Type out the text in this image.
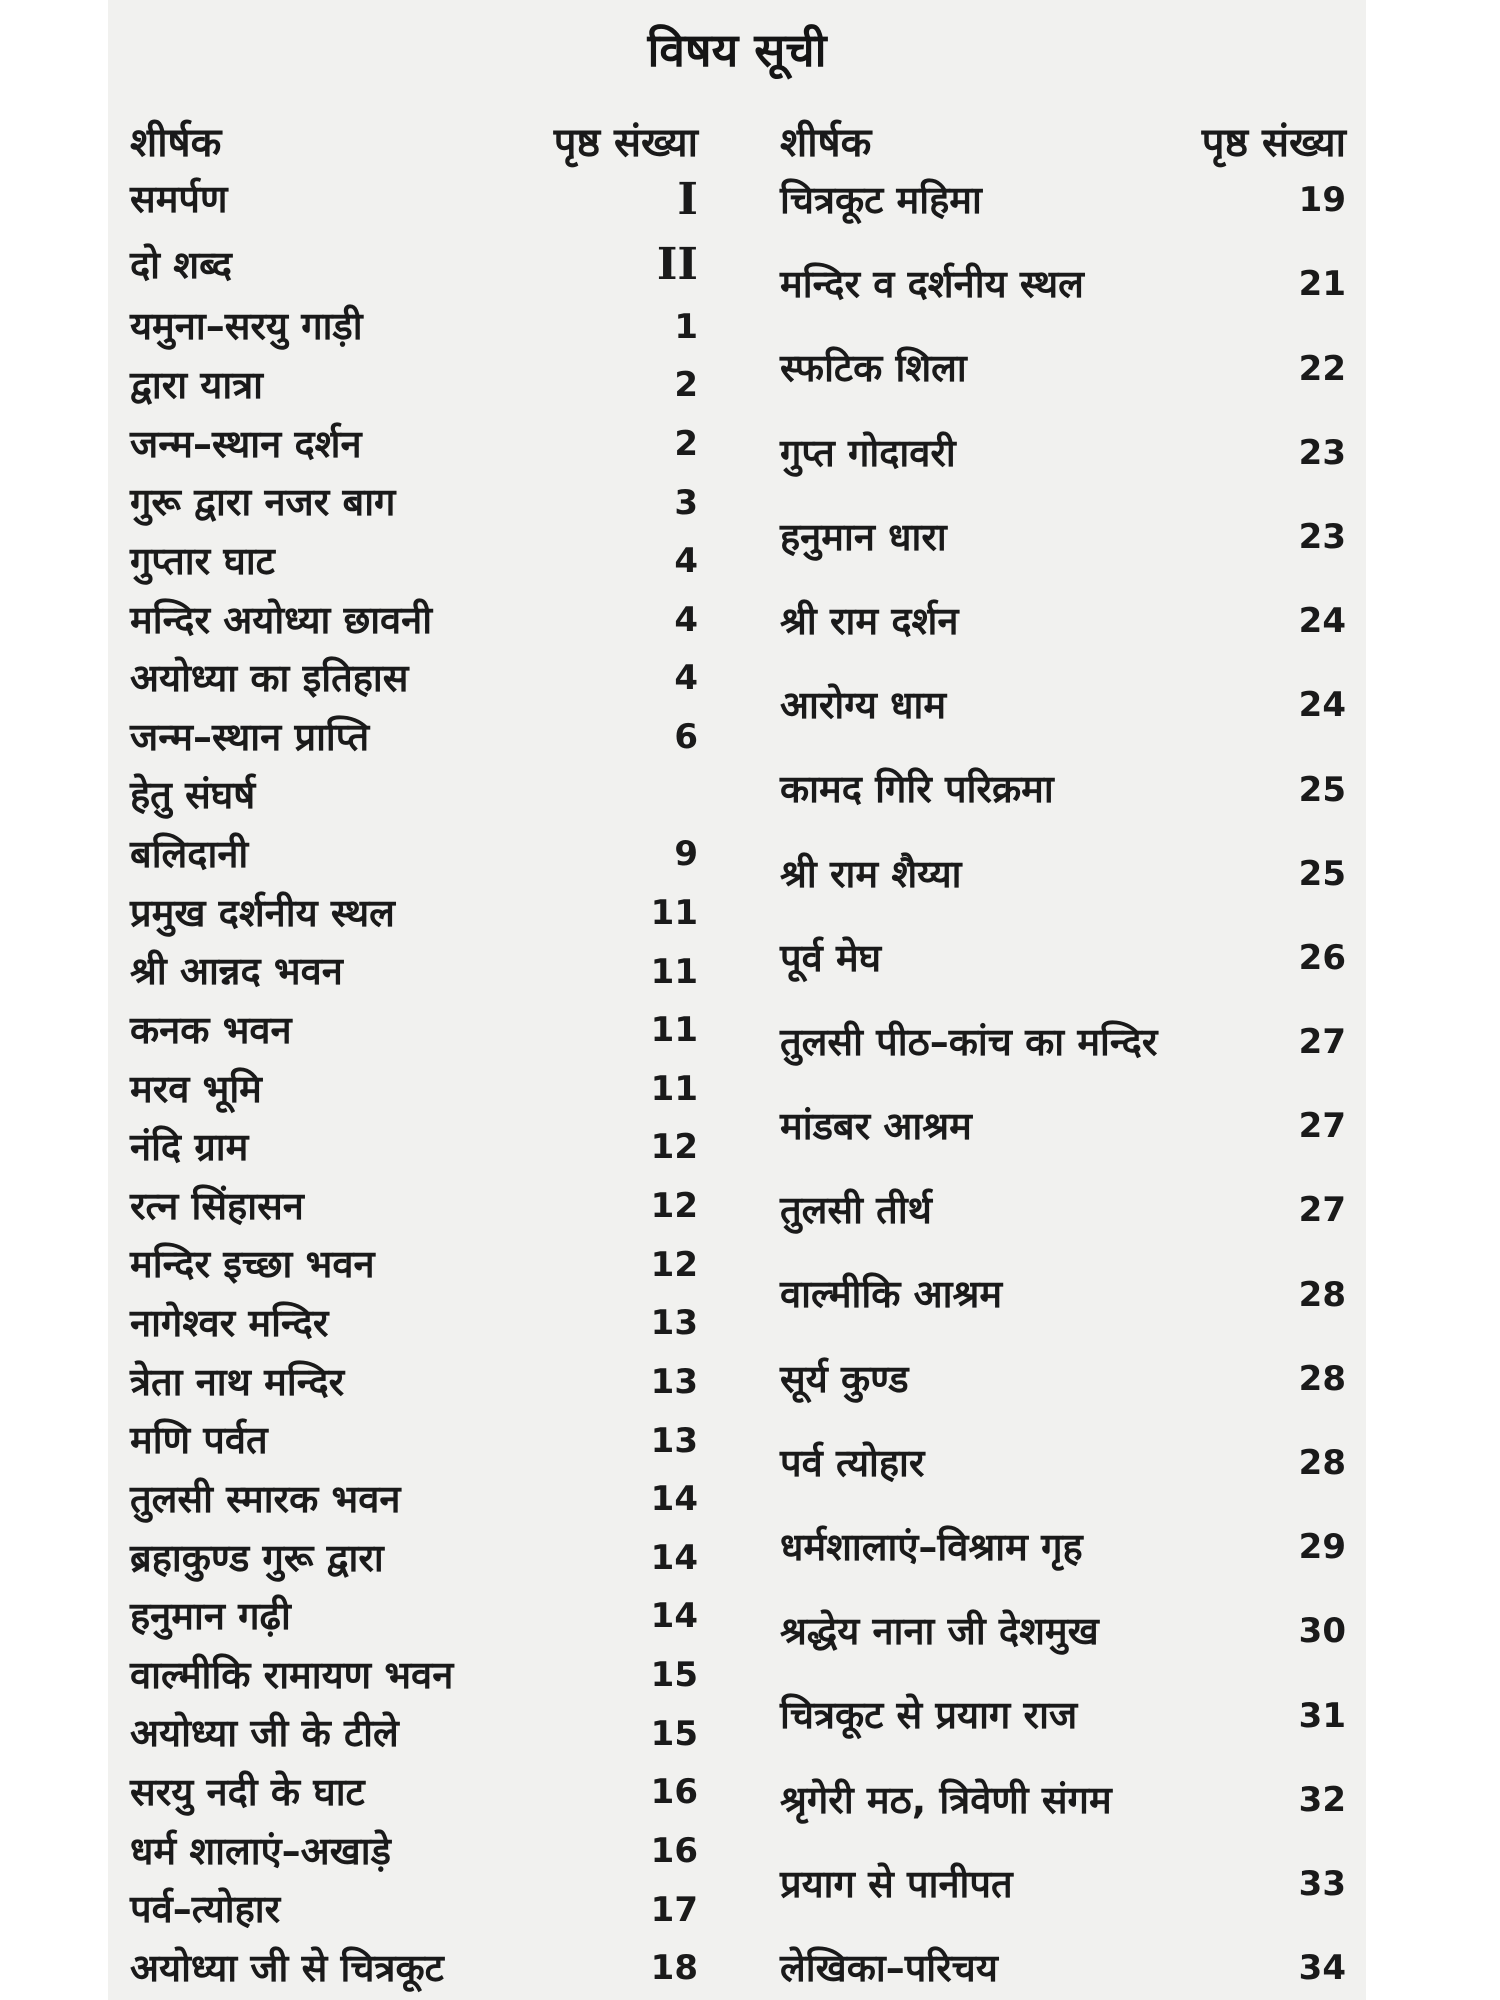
विषय सूची
शीर्षक	पृष्ठ संख्या
समर्पण	I
दो शब्द	II
यमुना–सरयु गाड़ी	1
द्वारा यात्रा	2
जन्म–स्थान दर्शन	2
गुरू द्वारा नजर बाग	3
गुप्तार घाट	4
मन्दिर अयोध्या छावनी	4
अयोध्या का इतिहास	4
जन्म–स्थान प्राप्ति	6
हेतु संघर्ष
बलिदानी	9
प्रमुख दर्शनीय स्थल	11
श्री आन्नद भवन	11
कनक भवन	11
मरव भूमि	11
नंदि ग्राम	12
रत्न सिंहासन	12
मन्दिर इच्छा भवन	12
नागेश्वर मन्दिर	13
त्रेता नाथ मन्दिर	13
मणि पर्वत	13
तुलसी स्मारक भवन	14
ब्रहाकुण्ड गुरू द्वारा	14
हनुमान गढ़ी	14
वाल्मीकि रामायण भवन	15
अयोध्या जी के टीले	15
सरयु नदी के घाट	16
धर्म शालाएं–अखाड़े	16
पर्व–त्योहार	17
अयोध्या जी से चित्रकूट	18
शीर्षक	पृष्ठ संख्या
चित्रकूट महिमा	19
मन्दिर व दर्शनीय स्थल	21
स्फटिक शिला	22
गुप्त गोदावरी	23
हनुमान धारा	23
श्री राम दर्शन	24
आरोग्य धाम	24
कामद गिरि परिक्रमा	25
श्री राम शैय्या	25
पूर्व मेघ	26
तुलसी पीठ–कांच का मन्दिर	27
मांडबर आश्रम	27
तुलसी तीर्थ	27
वाल्मीकि आश्रम	28
सूर्य कुण्ड	28
पर्व त्योहार	28
धर्मशालाएं–विश्राम गृह	29
श्रद्धेय नाना जी देशमुख	30
चित्रकूट से प्रयाग राज	31
श्रृगेरी मठ, त्रिवेणी संगम	32
प्रयाग से पानीपत	33
लेखिका–परिचय	34
